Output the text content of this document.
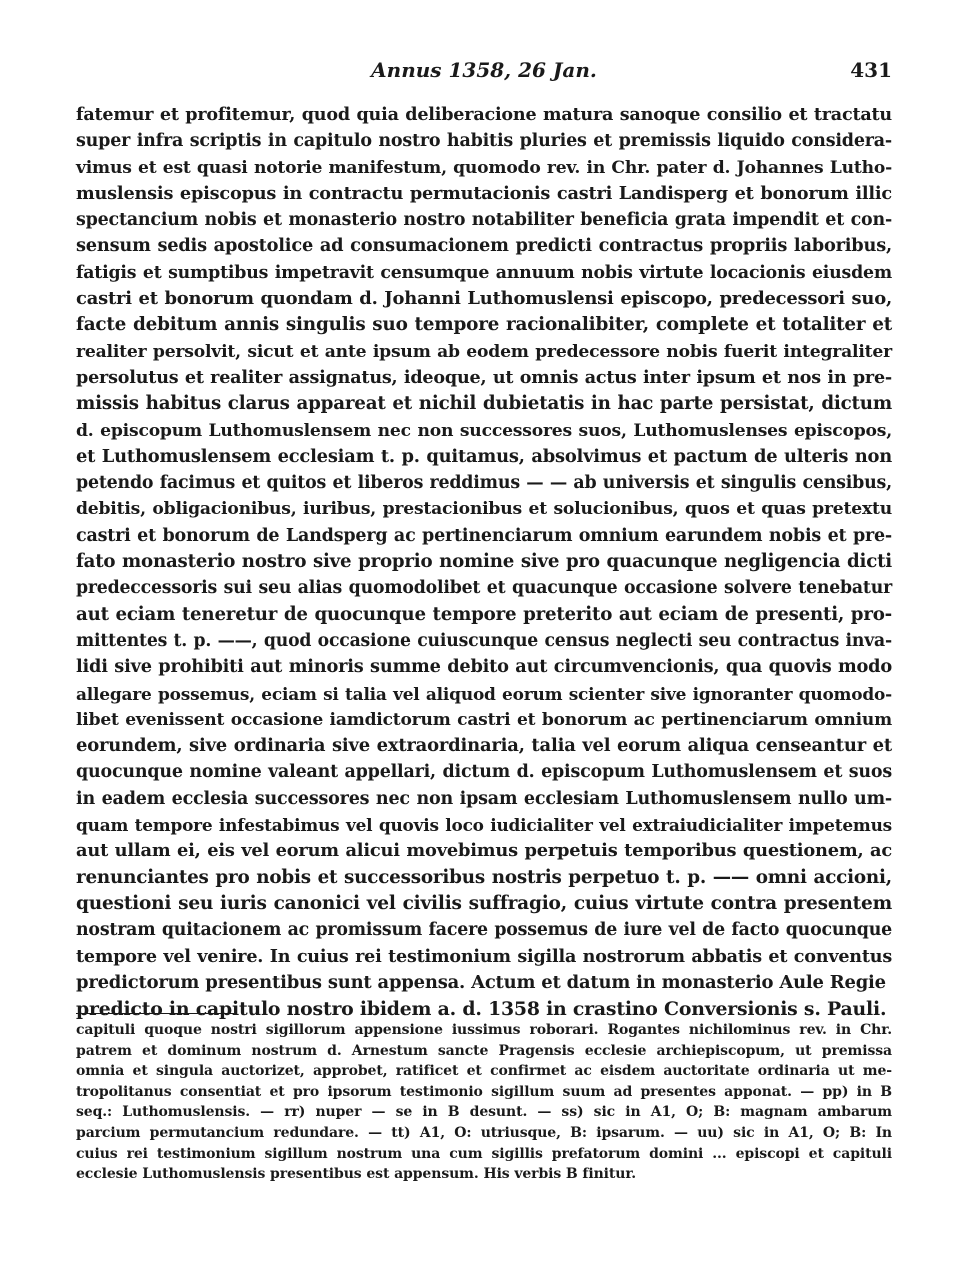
Annus 1358, 26 Jan.	431
fatemur et profitemur, quod quia deliberacione matura sanoque consilio et tractatu
super infra scriptis in capitulo nostro habitis pluries et premissis liquido considera-
vimus et est quasi notorie manifestum, quomodo rev. in Chr. pater d. Johannes Lutho-
muslensis episcopus in contractu permutacionis castri Landisperg et bonorum illic
spectancium nobis et monasterio nostro notabiliter beneficia grata impendit et con-
sensum sedis apostolice ad consumacionem predicti contractus propriis laboribus,
fatigis et sumptibus impetravit censumque annuum nobis virtute locacionis eiusdem
castri et bonorum quondam d. Johanni Luthomuslensi episcopo, predecessori suo,
facte debitum annis singulis suo tempore racionalibiter, complete et totaliter et
realiter persolvit, sicut et ante ipsum ab eodem predecessore nobis fuerit integraliter
persolutus et realiter assignatus, ideoque, ut omnis actus inter ipsum et nos in pre-
missis habitus clarus appareat et nichil dubietatis in hac parte persistat, dictum
d. episcopum Luthomuslensem nec non successores suos, Luthomuslenses episcopos,
et Luthomuslensem ecclesiam t. p. quitamus, absolvimus et pactum de ulteris non
petendo facimus et quitos et liberos reddimus — — ab universis et singulis censibus,
debitis, obligacionibus, iuribus, prestacionibus et solucionibus, quos et quas pretextu
castri et bonorum de Landsperg ac pertinenciarum omnium earundem nobis et pre-
fato monasterio nostro sive proprio nomine sive pro quacunque negligencia dicti
predeccessoris sui seu alias quomodolibet et quacunque occasione solvere tenebatur
aut eciam teneretur de quocunque tempore preterito aut eciam de presenti, pro-
mittentes t. p. ——, quod occasione cuiuscunque census neglecti seu contractus inva-
lidi sive prohibiti aut minoris summe debito aut circumvencionis, qua quovis modo
allegare possemus, eciam si talia vel aliquod eorum scienter sive ignoranter quomodo-
libet evenissent occasione iamdictorum castri et bonorum ac pertinenciarum omnium
eorundem, sive ordinaria sive extraordinaria, talia vel eorum aliqua censeantur et
quocunque nomine valeant appellari, dictum d. episcopum Luthomuslensem et suos
in eadem ecclesia successores nec non ipsam ecclesiam Luthomuslensem nullo um-
quam tempore infestabimus vel quovis loco iudicialiter vel extraiudicialiter impetemus
aut ullam ei, eis vel eorum alicui movebimus perpetuis temporibus questionem, ac
renunciantes pro nobis et successoribus nostris perpetuo t. p. —— omni accioni,
questioni seu iuris canonici vel civilis suffragio, cuius virtute contra presentem
nostram quitacionem ac promissum facere possemus de iure vel de facto quocunque
tempore vel venire. In cuius rei testimonium sigilla nostrorum abbatis et conventus
predictorum presentibus sunt appensa. Actum et datum in monasterio Aule Regie
predicto in capitulo nostro ibidem a. d. 1358 in crastino Conversionis s. Pauli.
capituli quoque nostri sigillorum appensione iussimus roborari. Rogantes nichilominus rev. in Chr.
patrem et dominum nostrum d. Arnestum sancte Pragensis ecclesie archiepiscopum, ut premissa
omnia et singula auctorizet, approbet, ratificet et confirmet ac eisdem auctoritate ordinaria ut me-
tropolitanus consentiat et pro ipsorum testimonio sigillum suum ad presentes apponat. — pp) in B
seq.: Luthomuslensis. — rr) nuper — se in B desunt. — ss) sic in A1, O; B: magnam ambarum
parcium permutancium redundare. — tt) A1, O: utriusque, B: ipsarum. — uu) sic in A1, O; B: In
cuius rei testimonium sigillum nostrum una cum sigillis prefatorum domini ... episcopi et capituli
ecclesie Luthomuslensis presentibus est appensum. His verbis B finitur.
